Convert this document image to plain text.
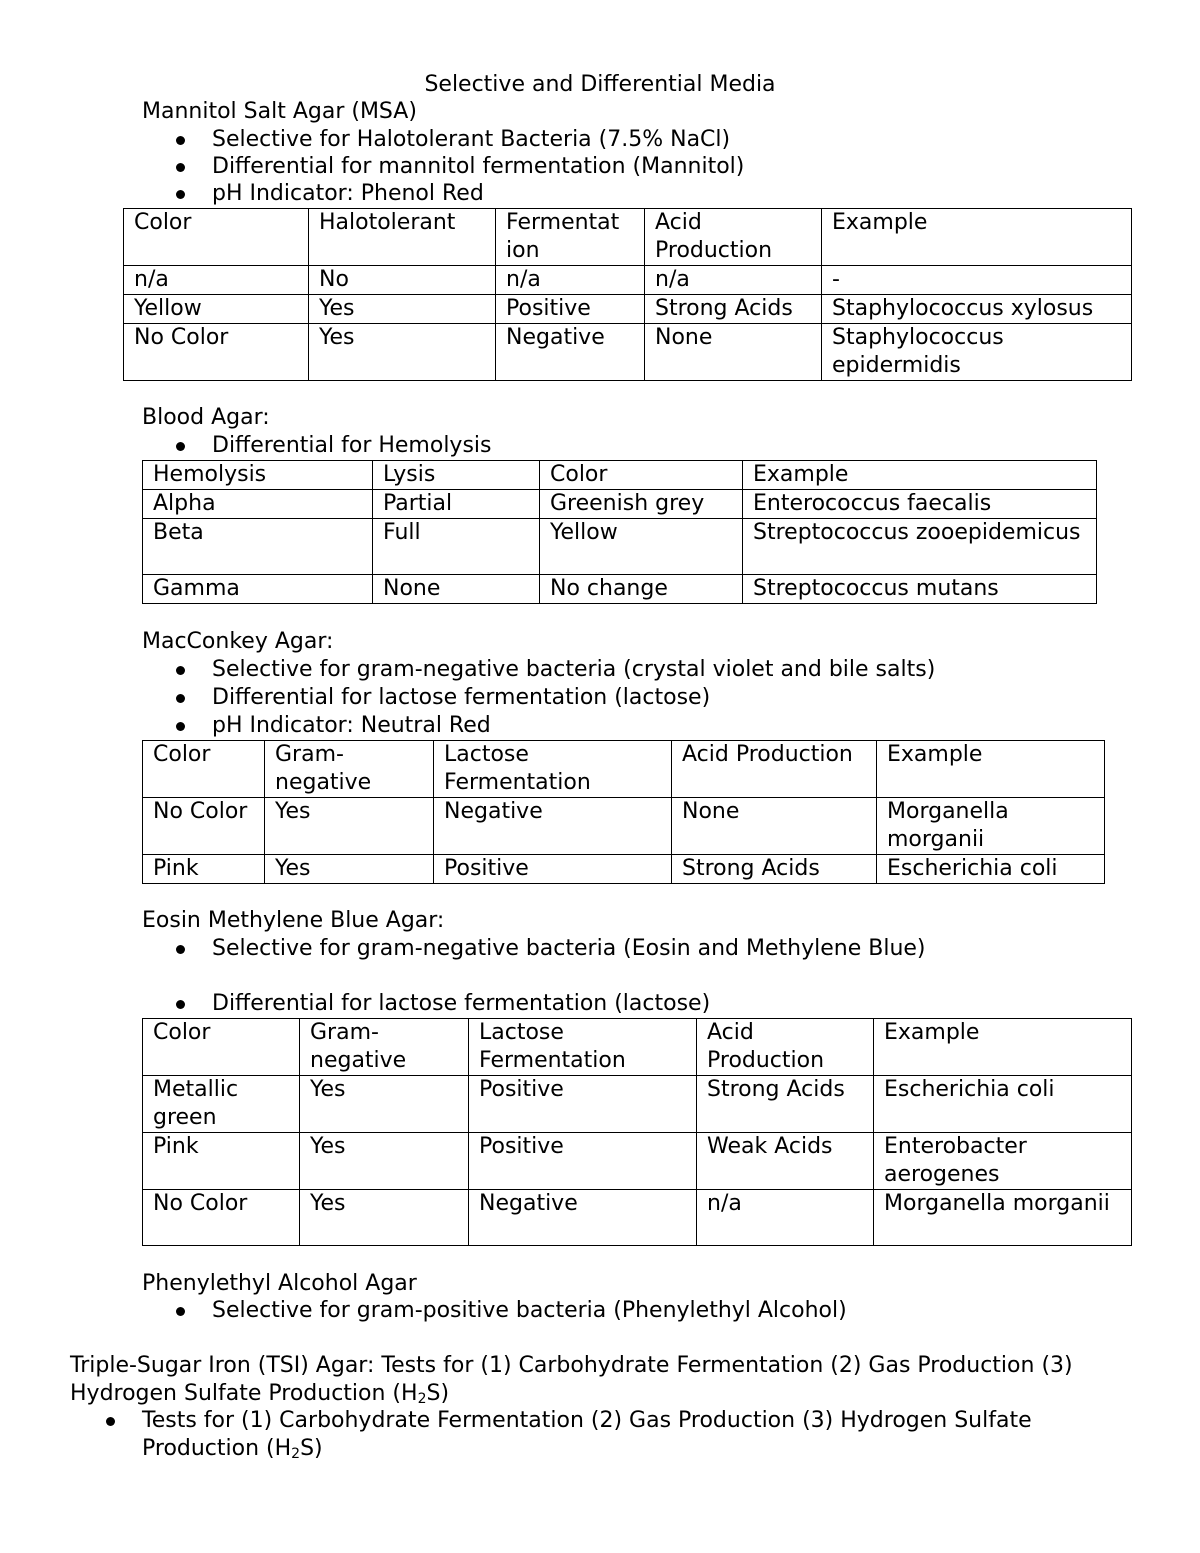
Selective and Differential Media
Mannitol Salt Agar (MSA)
Selective for Halotolerant Bacteria (7.5% NaCl)
Differential for mannitol fermentation (Mannitol)
pH Indicator: Phenol Red
Color	Halotolerant	Fermentat ion	Acid Production	Example
n/a	No	n/a	n/a	-
Yellow	Yes	Positive	Strong Acids	Staphylococcus xylosus
No Color	Yes	Negative	None	Staphylococcus epidermidis
Blood Agar:
Differential for Hemolysis
Hemolysis	Lysis	Color	Example
Alpha	Partial	Greenish grey	Enterococcus faecalis
Beta	Full	Yellow	Streptococcus zooepidemicus
Gamma	None	No change	Streptococcus mutans
MacConkey Agar:
Selective for gram-negative bacteria (crystal violet and bile salts)
Differential for lactose fermentation (lactose)
pH Indicator: Neutral Red
Color	Gram-negative	Lactose Fermentation	Acid Production	Example
No Color	Yes	Negative	None	Morganella morganii
Pink	Yes	Positive	Strong Acids	Escherichia coli
Eosin Methylene Blue Agar:
Selective for gram-negative bacteria (Eosin and Methylene Blue)
Differential for lactose fermentation (lactose)
Color	Gram-negative	Lactose Fermentation	Acid Production	Example
Metallic green	Yes	Positive	Strong Acids	Escherichia coli
Pink	Yes	Positive	Weak Acids	Enterobacter aerogenes
No Color	Yes	Negative	n/a	Morganella morganii
Phenylethyl Alcohol Agar
Selective for gram-positive bacteria (Phenylethyl Alcohol)
Triple-Sugar Iron (TSI) Agar: Tests for (1) Carbohydrate Fermentation (2) Gas Production (3) Hydrogen Sulfate Production $(H_2S)$
Tests for (1) Carbohydrate Fermentation (2) Gas Production (3) Hydrogen Sulfate Production $(H_2S)$
